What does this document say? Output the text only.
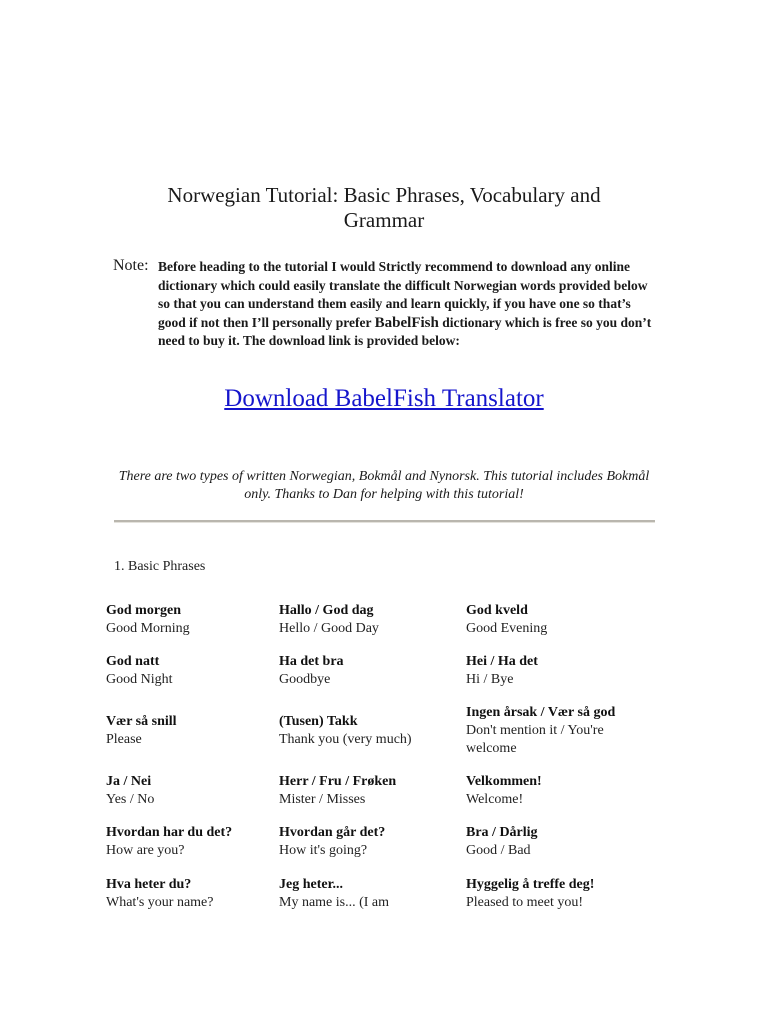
Norwegian Tutorial: Basic Phrases, Vocabulary and Grammar
Note: Before heading to the tutorial I would Strictly recommend to download any online dictionary which could easily translate the difficult Norwegian words provided below so that you can understand them easily and learn quickly, if you have one so that’s good if not then I’ll personally prefer BabelFish dictionary which is free so you don’t need to buy it. The download link is provided below:
Download BabelFish Translator
There are two types of written Norwegian, Bokmål and Nynorsk. This tutorial includes Bokmål only. Thanks to Dan for helping with this tutorial!
1. Basic Phrases
God morgen
Good Morning
Hallo / God dag
Hello / Good Day
God kveld
Good Evening
God natt
Good Night
Ha det bra
Goodbye
Hei / Ha det
Hi / Bye
Vær så snill
Please
(Tusen) Takk
Thank you (very much)
Ingen årsak / Vær så god
Don't mention it / You're welcome
Ja / Nei
Yes / No
Herr / Fru / Frøken
Mister / Misses
Velkommen!
Welcome!
Hvordan har du det?
How are you?
Hvordan går det?
How it's going?
Bra / Dårlig
Good / Bad
Hva heter du?
What's your name?
Jeg heter...
My name is... (I am
Hyggelig å treffe deg!
Pleased to meet you!
